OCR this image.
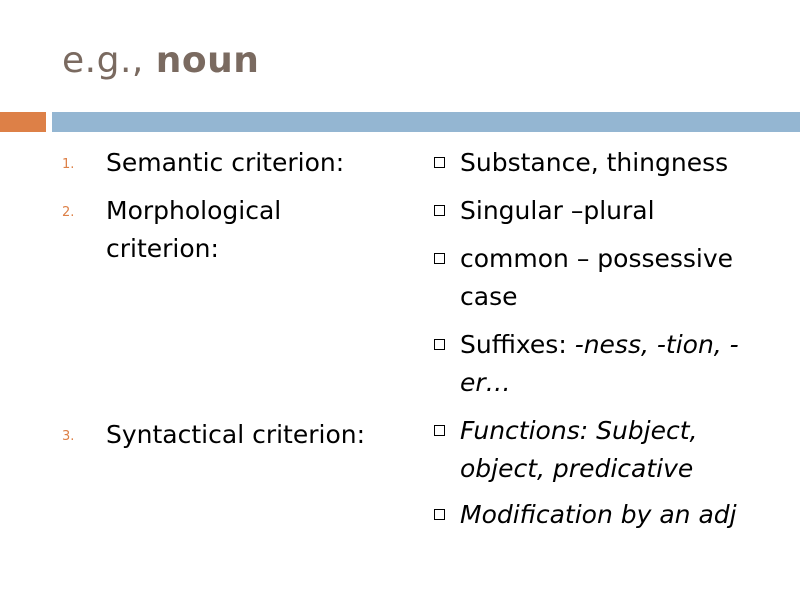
e.g., noun
1.	Semantic criterion:
2.	Morphological criterion:
3.	Syntactical criterion:
Substance, thingness
Singular –plural
common – possessive case
Suffixes: -ness, -tion, -er…
Functions: Subject, object, predicative
Modification by an adj
